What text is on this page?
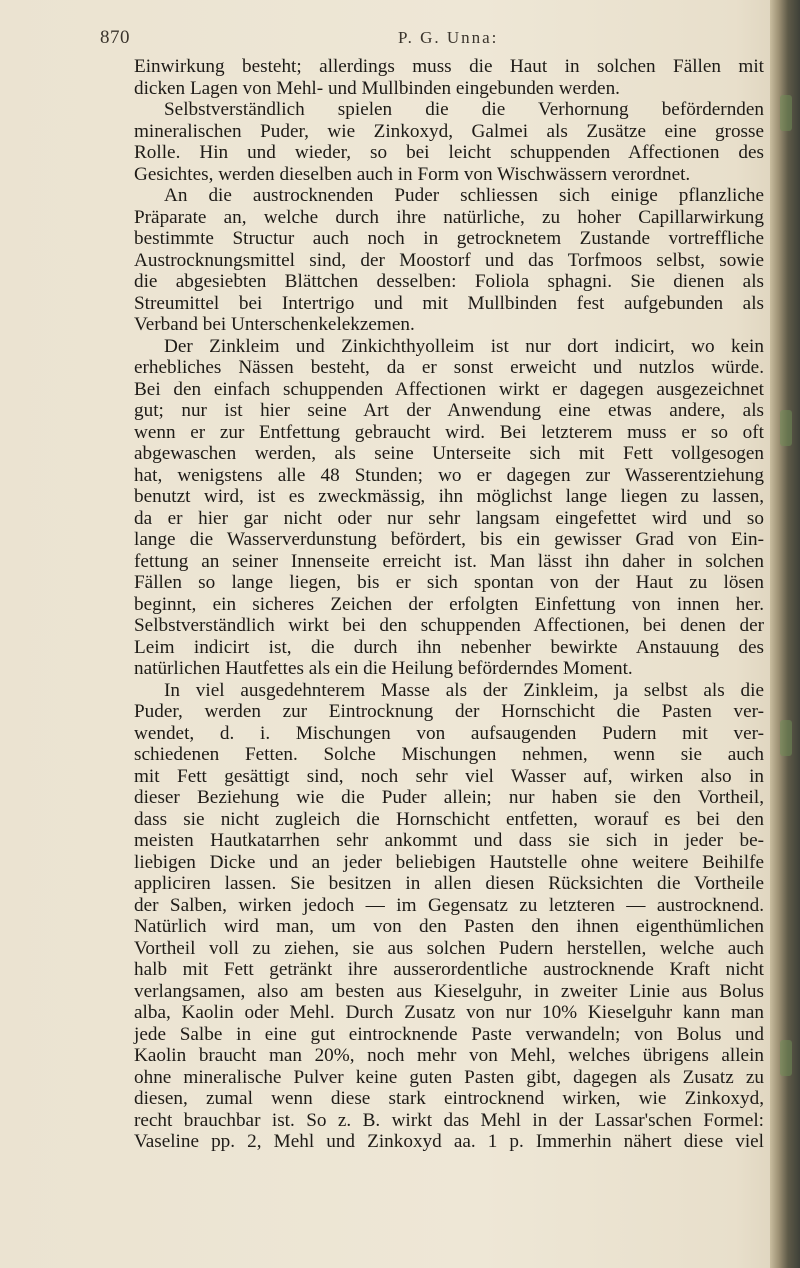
870	P. G. Unna:
Einwirkung besteht; allerdings muss die Haut in solchen Fällen mit
dicken Lagen von Mehl- und Mullbinden eingebunden werden.
Selbstverständlich spielen die die Verhornung befördernden
mineralischen Puder, wie Zinkoxyd, Galmei als Zusätze eine grosse
Rolle. Hin und wieder, so bei leicht schuppenden Affectionen des
Gesichtes, werden dieselben auch in Form von Wischwässern verordnet.
An die austrocknenden Puder schliessen sich einige pflanzliche
Präparate an, welche durch ihre natürliche, zu hoher Capillarwirkung
bestimmte Structur auch noch in getrocknetem Zustande vortreffliche
Austrocknungsmittel sind, der Moostorf und das Torfmoos selbst, sowie
die abgesiebten Blättchen desselben: Foliola sphagni. Sie dienen als
Streumittel bei Intertrigo und mit Mullbinden fest aufgebunden als
Verband bei Unterschenkelekzemen.
Der Zinkleim und Zinkichthyolleim ist nur dort indicirt, wo kein
erhebliches Nässen besteht, da er sonst erweicht und nutzlos würde.
Bei den einfach schuppenden Affectionen wirkt er dagegen ausgezeichnet
gut; nur ist hier seine Art der Anwendung eine etwas andere, als
wenn er zur Entfettung gebraucht wird. Bei letzterem muss er so oft
abgewaschen werden, als seine Unterseite sich mit Fett vollgesogen
hat, wenigstens alle 48 Stunden; wo er dagegen zur Wasserentziehung
benutzt wird, ist es zweckmässig, ihn möglichst lange liegen zu lassen,
da er hier gar nicht oder nur sehr langsam eingefettet wird und so
lange die Wasserverdunstung befördert, bis ein gewisser Grad von Ein-
fettung an seiner Innenseite erreicht ist. Man lässt ihn daher in solchen
Fällen so lange liegen, bis er sich spontan von der Haut zu lösen
beginnt, ein sicheres Zeichen der erfolgten Einfettung von innen her.
Selbstverständlich wirkt bei den schuppenden Affectionen, bei denen der
Leim indicirt ist, die durch ihn nebenher bewirkte Anstauung des
natürlichen Hautfettes als ein die Heilung beförderndes Moment.
In viel ausgedehnterem Masse als der Zinkleim, ja selbst als die
Puder, werden zur Eintrocknung der Hornschicht die Pasten ver-
wendet, d. i. Mischungen von aufsaugenden Pudern mit ver-
schiedenen Fetten. Solche Mischungen nehmen, wenn sie auch
mit Fett gesättigt sind, noch sehr viel Wasser auf, wirken also in
dieser Beziehung wie die Puder allein; nur haben sie den Vortheil,
dass sie nicht zugleich die Hornschicht entfetten, worauf es bei den
meisten Hautkatarrhen sehr ankommt und dass sie sich in jeder be-
liebigen Dicke und an jeder beliebigen Hautstelle ohne weitere Beihilfe
appliciren lassen. Sie besitzen in allen diesen Rücksichten die Vortheile
der Salben, wirken jedoch — im Gegensatz zu letzteren — austrocknend.
Natürlich wird man, um von den Pasten den ihnen eigenthümlichen
Vortheil voll zu ziehen, sie aus solchen Pudern herstellen, welche auch
halb mit Fett getränkt ihre ausserordentliche austrocknende Kraft nicht
verlangsamen, also am besten aus Kieselguhr, in zweiter Linie aus Bolus
alba, Kaolin oder Mehl. Durch Zusatz von nur 10% Kieselguhr kann man
jede Salbe in eine gut eintrocknende Paste verwandeln; von Bolus und
Kaolin braucht man 20%, noch mehr von Mehl, welches übrigens allein
ohne mineralische Pulver keine guten Pasten gibt, dagegen als Zusatz zu
diesen, zumal wenn diese stark eintrocknend wirken, wie Zinkoxyd,
recht brauchbar ist. So z. B. wirkt das Mehl in der Lassar'schen Formel:
Vaseline pp. 2, Mehl und Zinkoxyd aa. 1 p. Immerhin nähert diese viel
